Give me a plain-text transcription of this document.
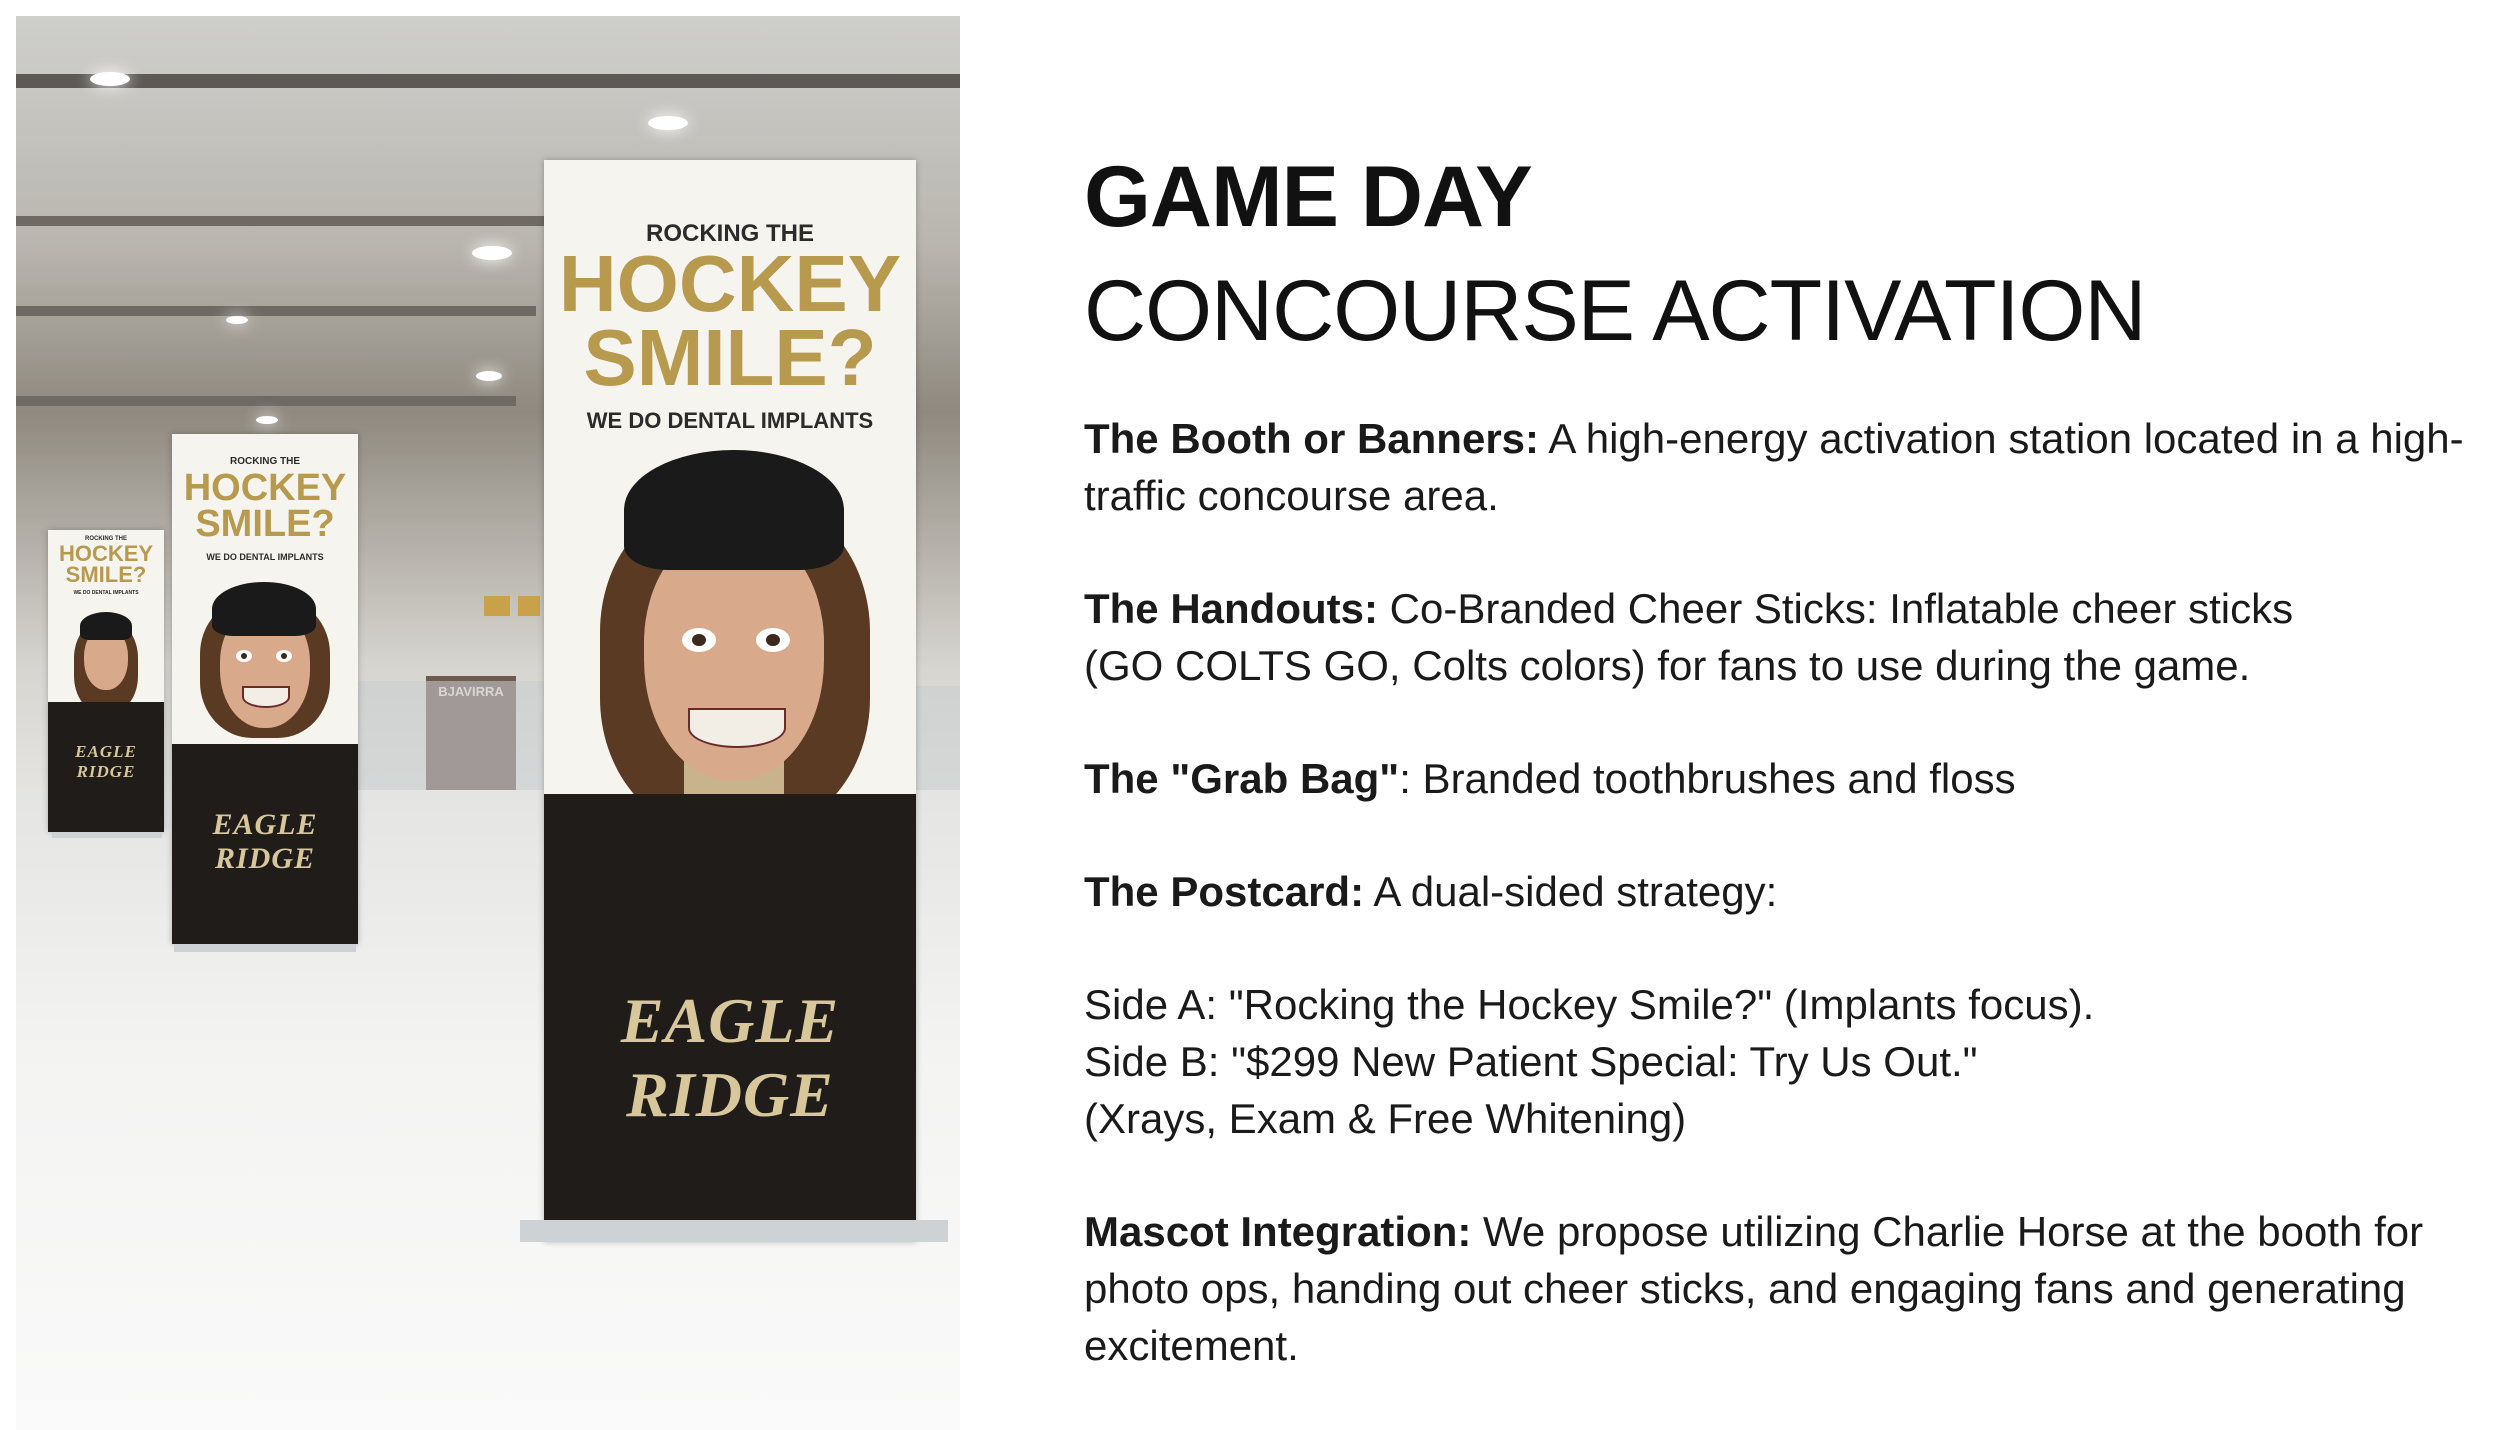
ROCKING THE
HOCKEY
SMILE?
WE DO DENTAL IMPLANTS
EAGLE RIDGE
ROCKING THE
HOCKEY
SMILE?
WE DO DENTAL IMPLANTS
EAGLE RIDGE
ROCKING THE
HOCKEY
SMILE?
WE DO DENTAL IMPLANTS
EAGLE RIDGE
GAME DAY
CONCOURSE ACTIVATION

The Booth or Banners: A high-energy activation station located in a high-traffic concourse area.

The Handouts: Co-Branded Cheer Sticks: Inflatable cheer sticks (GO COLTS GO, Colts colors) for fans to use during the game.

The "Grab Bag": Branded toothbrushes and floss

The Postcard: A dual-sided strategy:

Side A: "Rocking the Hockey Smile?" (Implants focus).

Side B: "$299 New Patient Special: Try Us Out."

(Xrays, Exam & Free Whitening)

Mascot Integration: We propose utilizing Charlie Horse at the booth for photo ops, handing out cheer sticks, and engaging fans and generating excitement.
